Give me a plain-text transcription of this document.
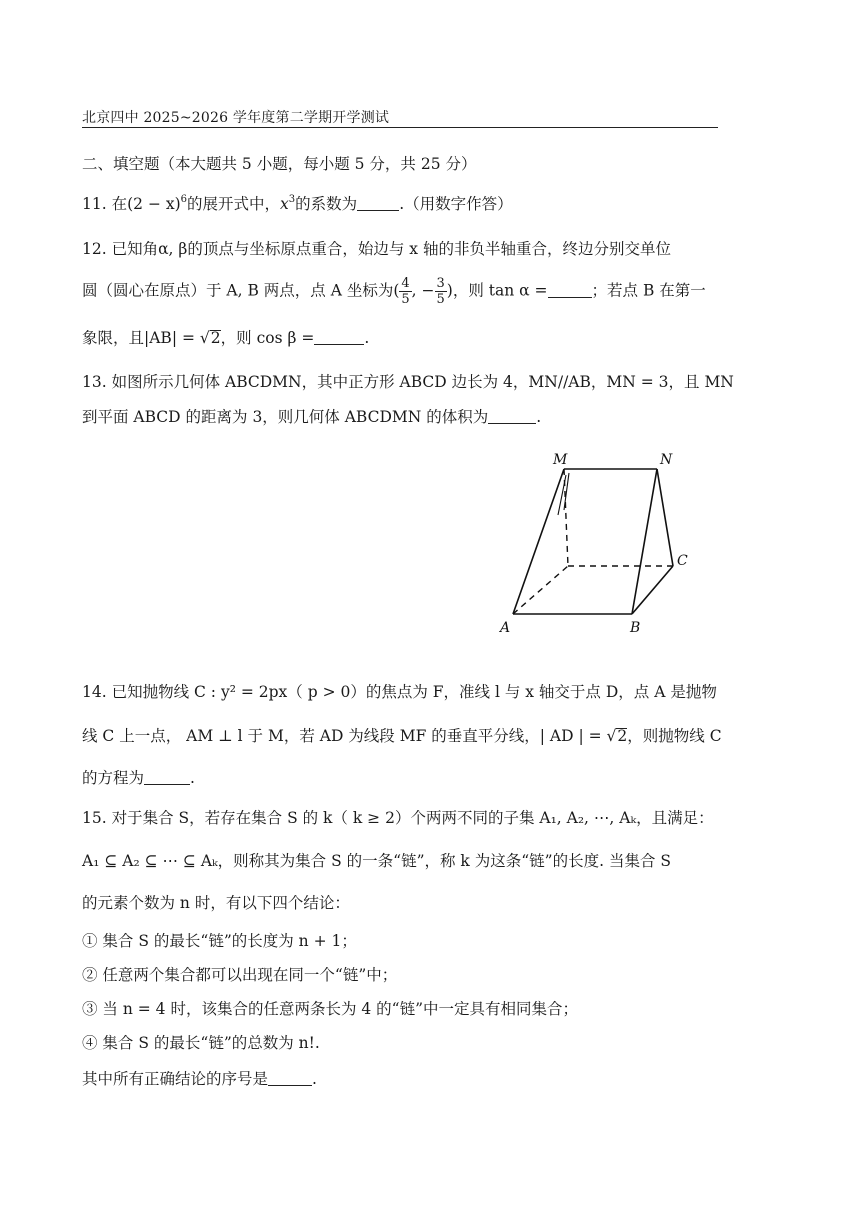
北京四中 2025~2026 学年度第二学期开学测试
二、填空题（本大题共 5 小题，每小题 5 分，共 25 分）
11. 在$(2 - x)^6$的展开式中，$x^3$的系数为	.（用数字作答）
12. 已知角α, β的顶点与坐标原点重合，始边与 x 轴的非负半轴重合，终边分别交单位
圆（圆心在原点）于 A, B 两点，点 A 坐标为( $\frac{4}{5}$ , − $\frac{3}{5}$ )，则 tan α =	；若点 B 在第一
象限，且|AB| = √2，则 cos β =	.
13. 如图所示几何体 ABCDMN，其中正方形 ABCD 边长为 4，MN//AB，MN = 3，且 MN
到平面 ABCD 的距离为 3，则几何体 ABCDMN 的体积为	.
M	N
C
A	B
14. 已知抛物线 C : y² = 2px（ p > 0）的焦点为 F，准线 l 与 x 轴交于点 D，点 A 是抛物
线 C 上一点， AM ⊥ l 于 M，若 AD 为线段 MF 的垂直平分线，| AD | = √2，则抛物线 C
的方程为	.
15. 对于集合 S，若存在集合 S 的 k（ k ≥ 2）个两两不同的子集 A₁, A₂, ⋯, Aₖ，且满足：
A₁ ⊆ A₂ ⊆ ⋯ ⊆ Aₖ，则称其为集合 S 的一条“链”，称 k 为这条“链”的长度. 当集合 S
的元素个数为 n 时，有以下四个结论：
① 集合 S 的最长“链”的长度为 n + 1；
② 任意两个集合都可以出现在同一个“链”中；
③ 当 n = 4 时，该集合的任意两条长为 4 的“链”中一定具有相同集合；
④ 集合 S 的最长“链”的总数为 n!.
其中所有正确结论的序号是	.
